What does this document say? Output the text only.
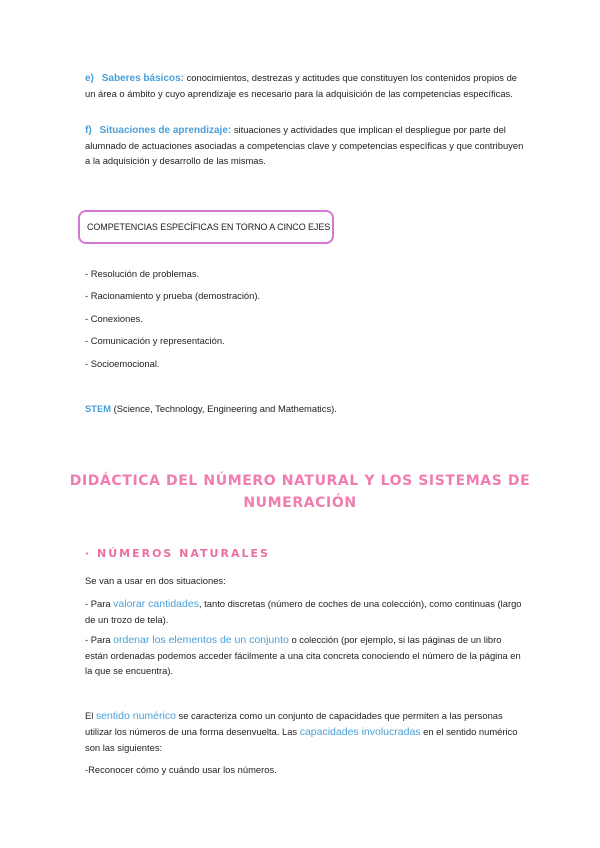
e) Saberes básicos: conocimientos, destrezas y actitudes que constituyen los contenidos propios de un área o ámbito y cuyo aprendizaje es necesario para la adquisición de las competencias específicas.

f) Situaciones de aprendizaje: situaciones y actividades que implican el despliegue por parte del alumnado de actuaciones asociadas a competencias clave y competencias específicas y que contribuyen a la adquisición y desarrollo de las mismas.

COMPETENCIAS ESPECÍFICAS EN TORNO A CINCO EJES

- Resolución de problemas.

- Racionamiento y prueba (demostración).

- Conexiones.

- Comunicación y representación.

- Socioemocional.

STEM (Science, Technology, Engineering and Mathematics).

DIDÁCTICA DEL NÚMERO NATURAL Y LOS SISTEMAS DE
NUMERACIÓN
· NÚMEROS NATURALES

Se van a usar en dos situaciones:

- Para valorar cantidades, tanto discretas (número de coches de una colección), como continuas (largo de un trozo de tela).

- Para ordenar los elementos de un conjunto o colección (por ejemplo, si las páginas de un libro están ordenadas podemos acceder fácilmente a una cita concreta conociendo el número de la página en la que se encuentra).

El sentido numérico se caracteriza como un conjunto de capacidades que permiten a las personas utilizar los números de una forma desenvuelta. Las capacidades involucradas en el sentido numérico son las siguientes:

-Reconocer cómo y cuándo usar los números.
